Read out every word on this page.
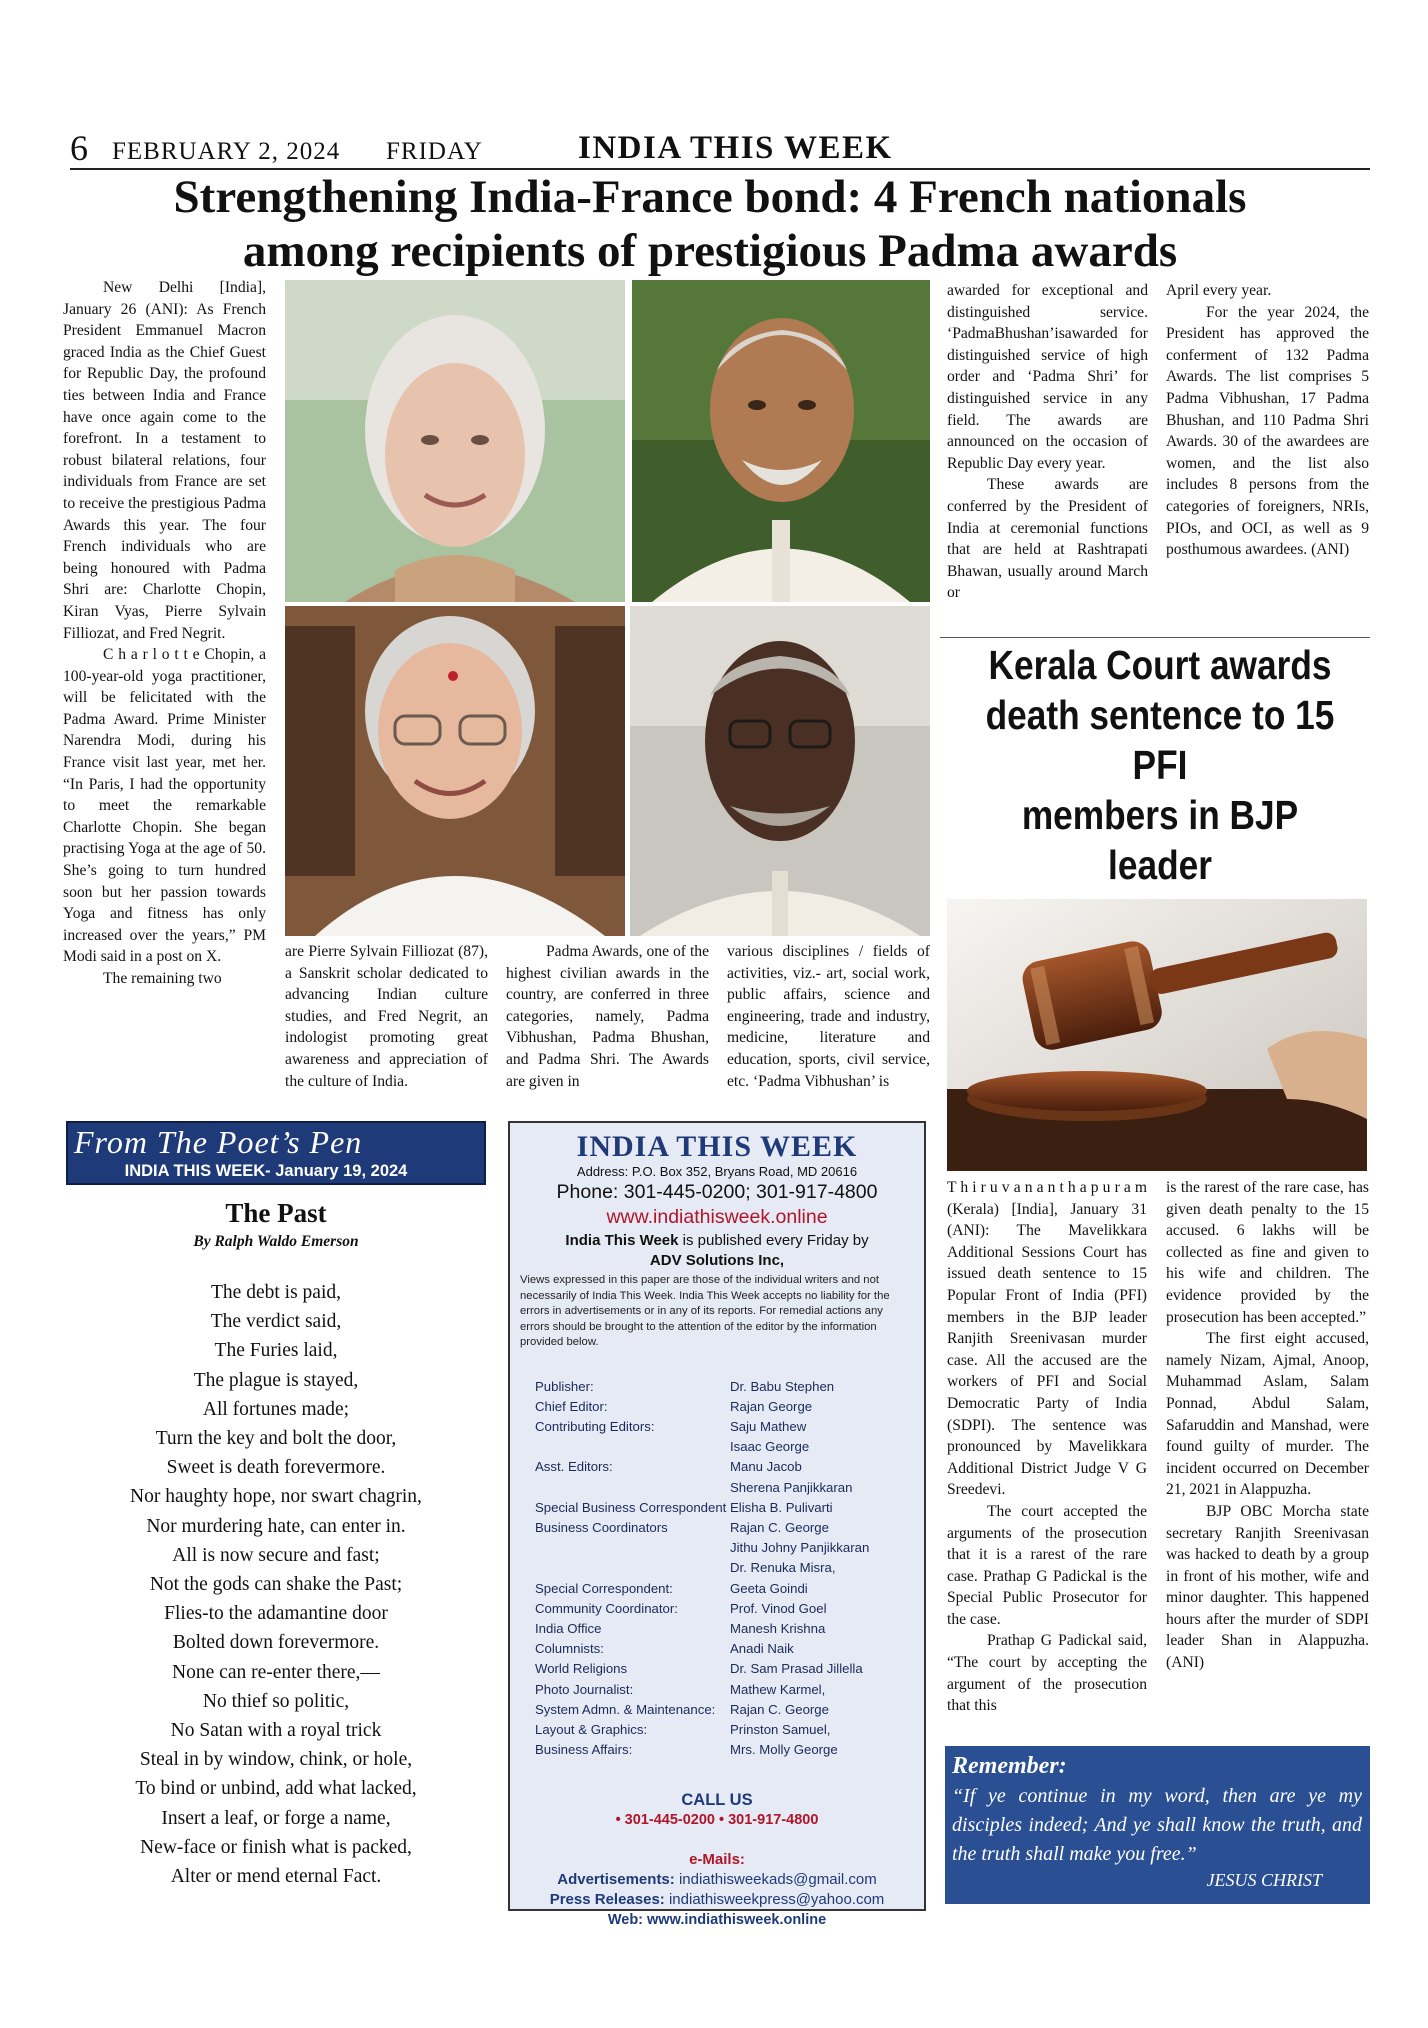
6 FEBRUARY 2, 2024 FRIDAY	INDIA THIS WEEK
Strengthening India-France bond: 4 French nationals
among recipients of prestigious Padma awards

New Delhi [India], January 26 (ANI): As French President Emmanuel Macron graced India as the Chief Guest for Republic Day, the profound ties between India and France have once again come to the forefront. In a testament to robust bilateral relations, four individuals from France are set to receive the prestigious Padma Awards this year. The four French individuals who are being honoured with Padma Shri are: Charlotte Chopin, Kiran Vyas, Pierre Sylvain Filliozat, and Fred Negrit.

C h a r l o t t e Chopin, a 100-year-old yoga practitioner, will be felicitated with the Padma Award. Prime Minister Narendra Modi, during his France visit last year, met her. “In Paris, I had the opportunity to meet the remarkable Charlotte Chopin. She began practising Yoga at the age of 50. She’s going to turn hundred soon but her passion towards Yoga and fitness has only increased over the years,” PM Modi said in a post on X.

The remaining two

are Pierre Sylvain Filliozat (87), a Sanskrit scholar dedicated to advancing Indian culture studies, and Fred Negrit, an indologist promoting great awareness and appreciation of the culture of India.

Padma Awards, one of the highest civilian awards in the country, are conferred in three categories, namely, Padma Vibhushan, Padma Bhushan, and Padma Shri. The Awards are given in

various disciplines / fields of activities, viz.- art, social work, public affairs, science and engineering, trade and industry, medicine, literature and education, sports, civil service, etc. ‘Padma Vibhushan’ is

awarded for exceptional and distinguished service. ‘PadmaBhushan’isawarded for distinguished service of high order and ‘Padma Shri’ for distinguished service in any field. The awards are announced on the occasion of Republic Day every year.

These awards are conferred by the President of India at ceremonial functions that are held at Rashtrapati Bhawan, usually around March or

April every year.

For the year 2024, the President has approved the conferment of 132 Padma Awards. The list comprises 5 Padma Vibhushan, 17 Padma Bhushan, and 110 Padma Shri Awards. 30 of the awardees are women, and the list also includes 8 persons from the categories of foreigners, NRIs, PIOs, and OCI, as well as 9 posthumous awardees. (ANI)

Kerala Court awards
death sentence to 15 PFI
members in BJP leader

T h i r u v a n a n t h a p u r a m (Kerala) [India], January 31 (ANI): The Mavelikkara Additional Sessions Court has issued death sentence to 15 Popular Front of India (PFI) members in the BJP leader Ranjith Sreenivasan murder case. All the accused are the workers of PFI and Social Democratic Party of India (SDPI). The sentence was pronounced by Mavelikkara Additional District Judge V G Sreedevi.

The court accepted the arguments of the prosecution that it is a rarest of the rare case. Prathap G Padickal is the Special Public Prosecutor for the case.

Prathap G Padickal said, “The court by accepting the argument of the prosecution that this

is the rarest of the rare case, has given death penalty to the 15 accused. 6 lakhs will be collected as fine and given to his wife and children. The evidence provided by the prosecution has been accepted.”

The first eight accused, namely Nizam, Ajmal, Anoop, Muhammad Aslam, Salam Ponnad, Abdul Salam, Safaruddin and Manshad, were found guilty of murder. The incident occurred on December 21, 2021 in Alappuzha.

BJP OBC Morcha state secretary Ranjith Sreenivasan was hacked to death by a group in front of his mother, wife and minor daughter. This happened hours after the murder of SDPI leader Shan in Alappuzha. (ANI)

From The Poet’s Pen
INDIA THIS WEEK- January 19, 2024
The Past
By Ralph Waldo Emerson
The debt is paid,
The verdict said,
The Furies laid,
The plague is stayed,
All fortunes made;
Turn the key and bolt the door,
Sweet is death forevermore.
Nor haughty hope, nor swart chagrin,
Nor murdering hate, can enter in.
All is now secure and fast;
Not the gods can shake the Past;
Flies-to the adamantine door
Bolted down forevermore.
None can re-enter there,—
No thief so politic,
No Satan with a royal trick
Steal in by window, chink, or hole,
To bind or unbind, add what lacked,
Insert a leaf, or forge a name,
New-face or finish what is packed,
Alter or mend eternal Fact.
INDIA THIS WEEK
Address: P.O. Box 352, Bryans Road, MD 20616
Phone: 301-445-0200; 301-917-4800
www.indiathisweek.online
India This Week is published every Friday by
ADV Solutions Inc,
Views expressed in this paper are those of the individual writers and not necessarily of India This Week. India This Week accepts no liability for the errors in advertisements or in any of its reports. For remedial actions any errors should be brought to the attention of the editor by the information provided below.
Publisher:	Dr. Babu Stephen
Chief Editor:	Rajan George
Contributing Editors:	Saju Mathew
Isaac George
Asst. Editors:	Manu Jacob
Sherena Panjikkaran
Special Business Correspondent Elisha B. Pulivarti
Business Coordinators	Rajan C. George
Jithu Johny Panjikkaran
Dr. Renuka Misra,
Special Correspondent:	Geeta Goindi
Community Coordinator:	Prof. Vinod Goel
India Office	Manesh Krishna
Columnists:	Anadi Naik
World Religions	Dr. Sam Prasad Jillella
Photo Journalist:	Mathew Karmel,
System Admn. & Maintenance:	Rajan C. George
Layout & Graphics:	Prinston Samuel,
Business Affairs:	Mrs. Molly George
CALL US
• 301-445-0200 • 301-917-4800
e-Mails:
Advertisements: indiathisweekads@gmail.com
Press Releases: indiathisweekpress@yahoo.com
Web: www.indiathisweek.online
Remember:
“If ye continue in my word, then are ye my disciples indeed; And ye shall know the truth, and the truth shall make you free.”
JESUS CHRIST
